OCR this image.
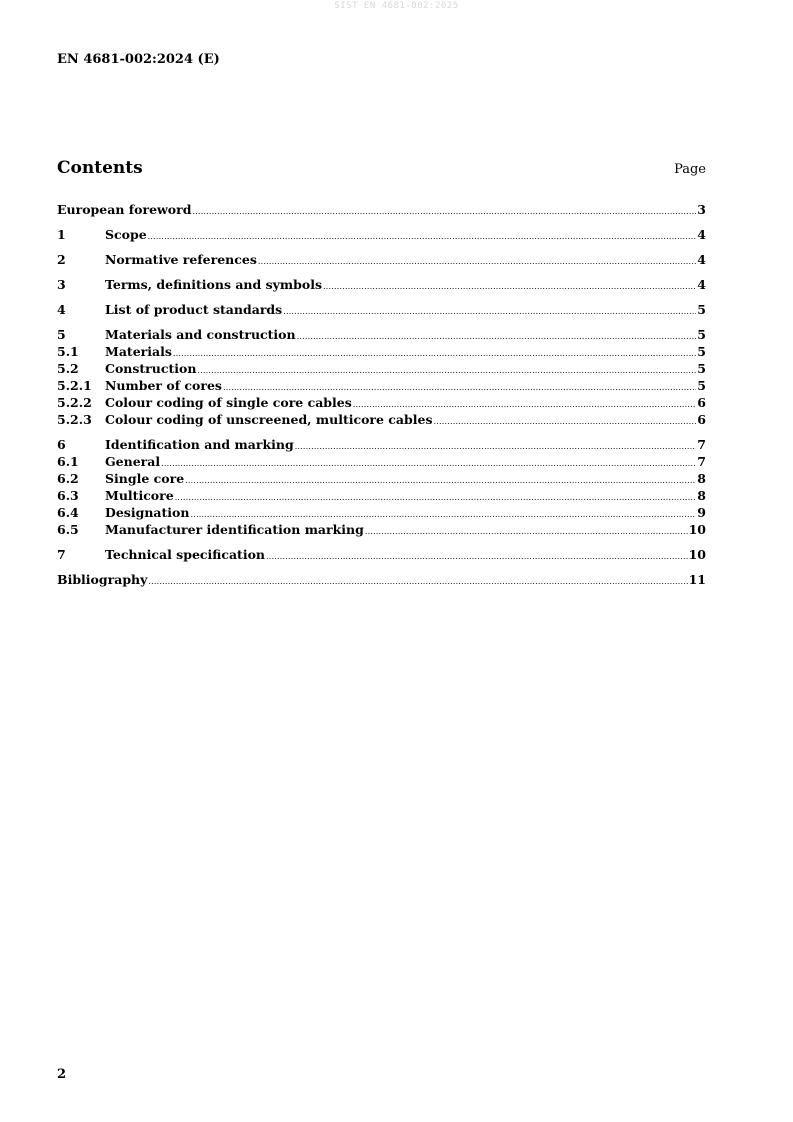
SIST EN 4681-002:2025
EN 4681-002:2024 (E)
Contents	Page
European foreword .....	3
1	Scope .....	4
2	Normative references .....	4
3	Terms, definitions and symbols .....	4
4	List of product standards .....	5
5	Materials and construction .....	5
5.1	Materials .....	5
5.2	Construction .....	5
5.2.1	Number of cores .....	5
5.2.2	Colour coding of single core cables .....	6
5.2.3	Colour coding of unscreened, multicore cables .....	6
6	Identification and marking .....	7
6.1	General .....	7
6.2	Single core .....	8
6.3	Multicore .....	8
6.4	Designation .....	9
6.5	Manufacturer identification marking .....	10
7	Technical specification .....	10
Bibliography .....	11
2
